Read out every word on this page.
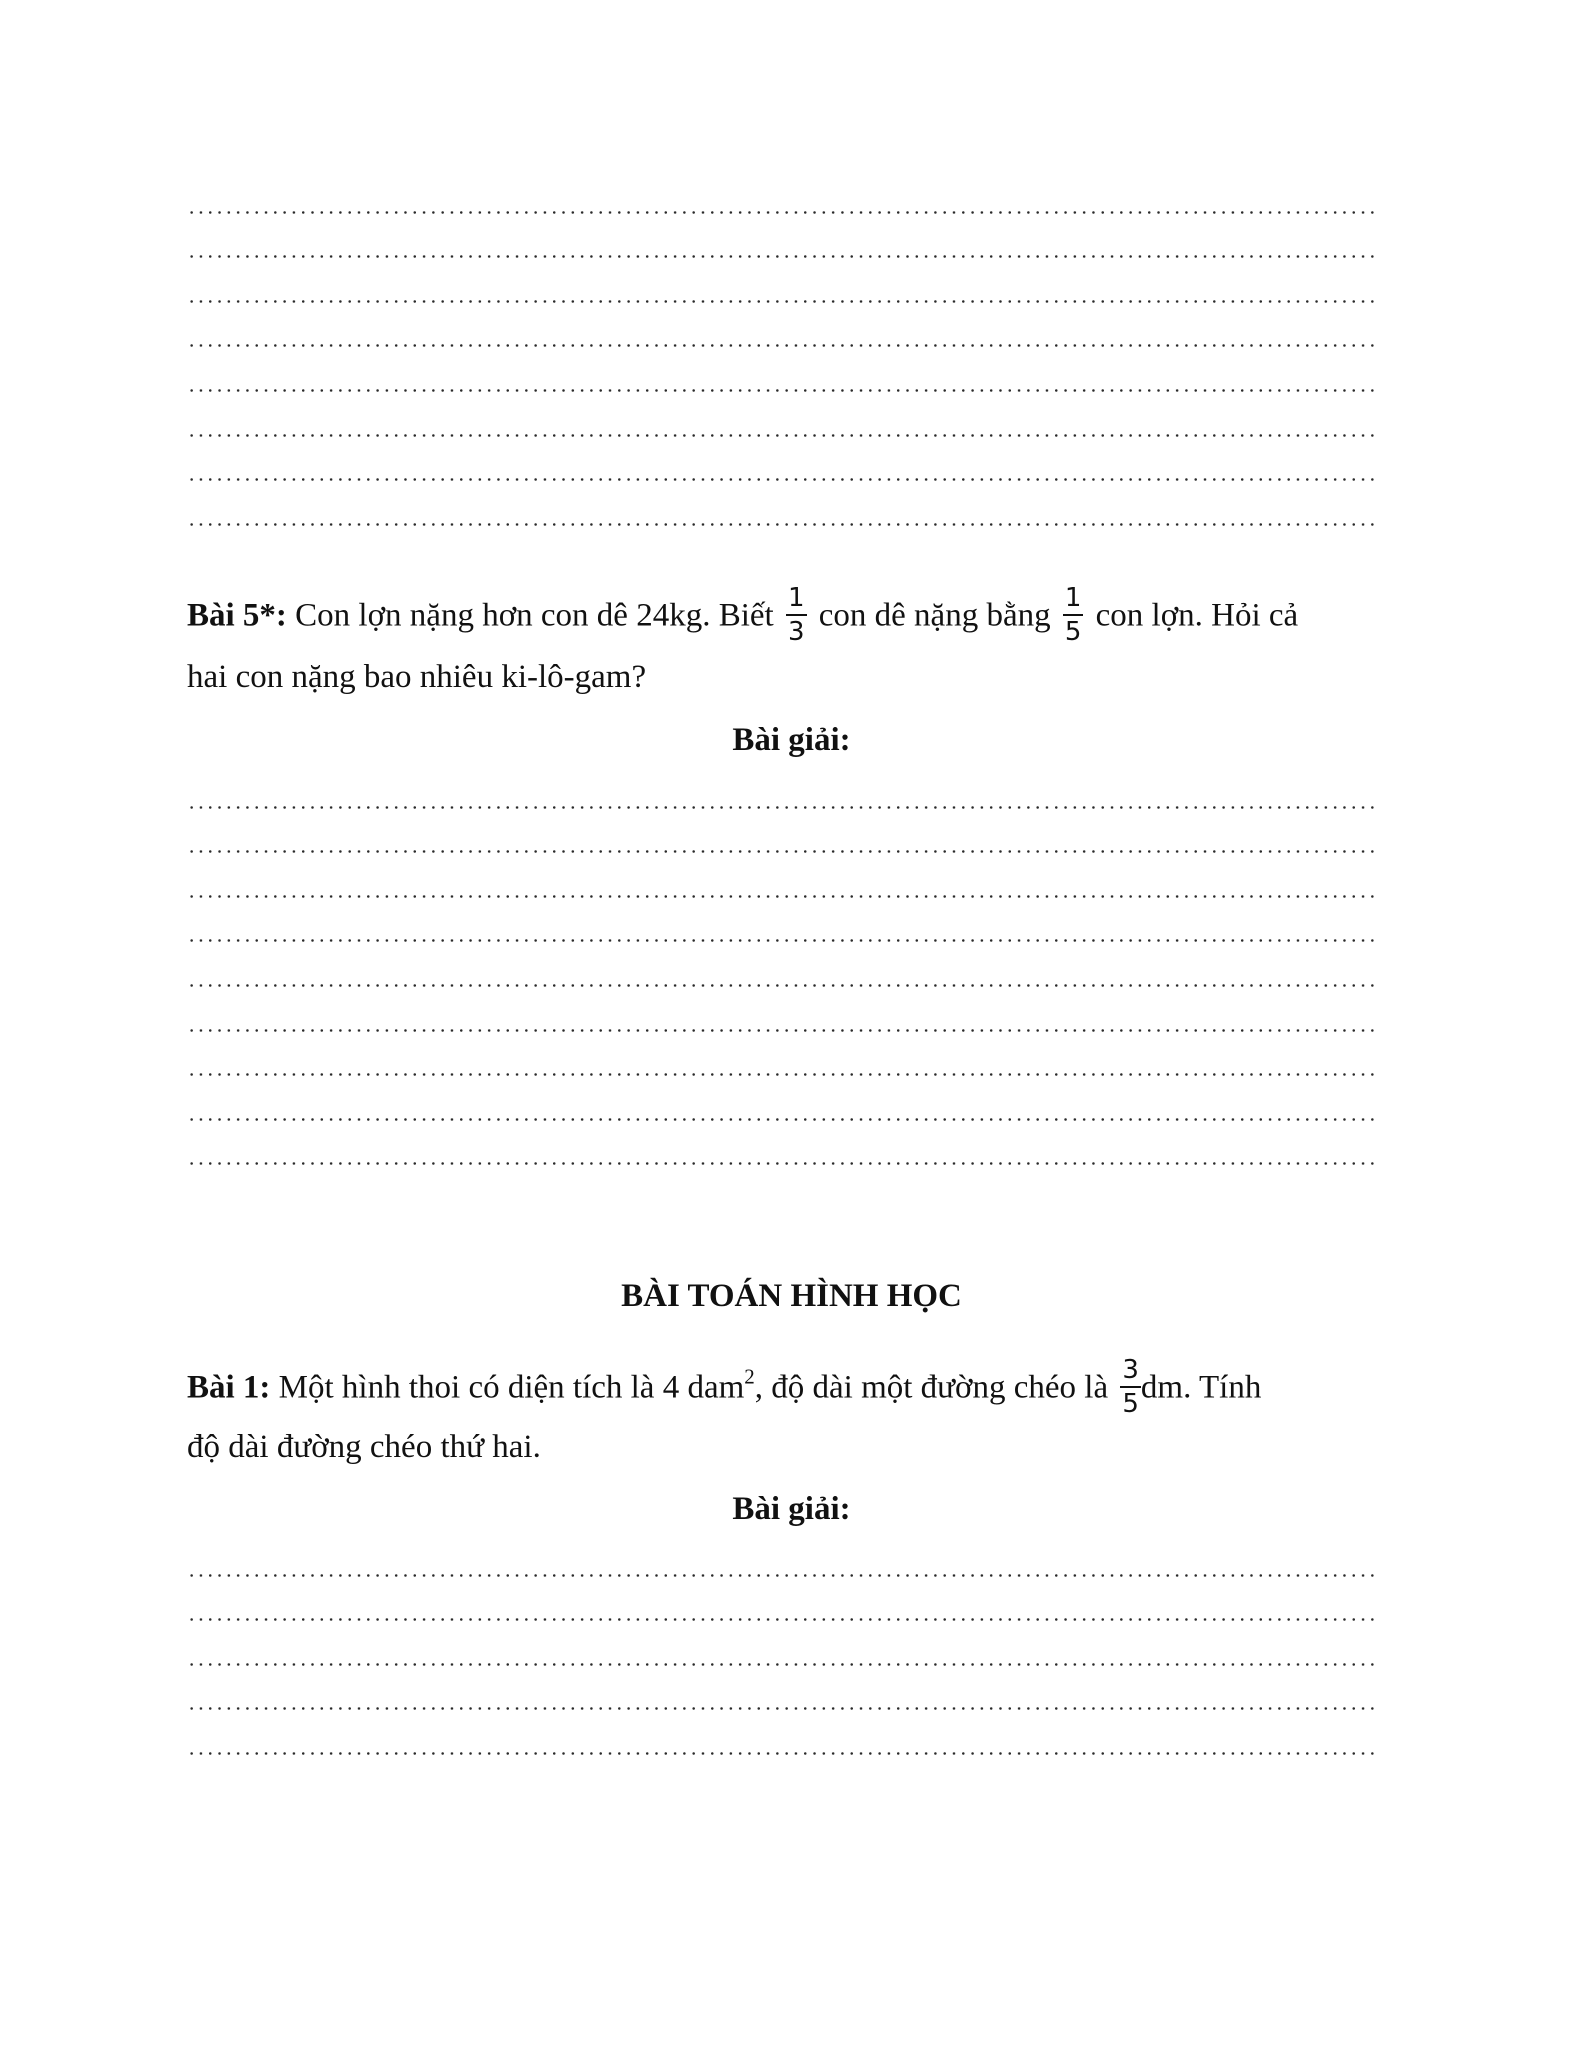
Bài 5*: Con lợn nặng hơn con dê 24kg. Biết $\frac{1}{3}$ con dê nặng bằng $\frac{1}{5}$ con lợn. Hỏi cả
hai con nặng bao nhiêu ki-lô-gam?
Bài giải:
BÀI TOÁN HÌNH HỌC
Bài 1: Một hình thoi có diện tích là 4 dam$^2$, độ dài một đường chéo là $\frac{3}{5}$ dm. Tính
độ dài đường chéo thứ hai.
Bài giải:
